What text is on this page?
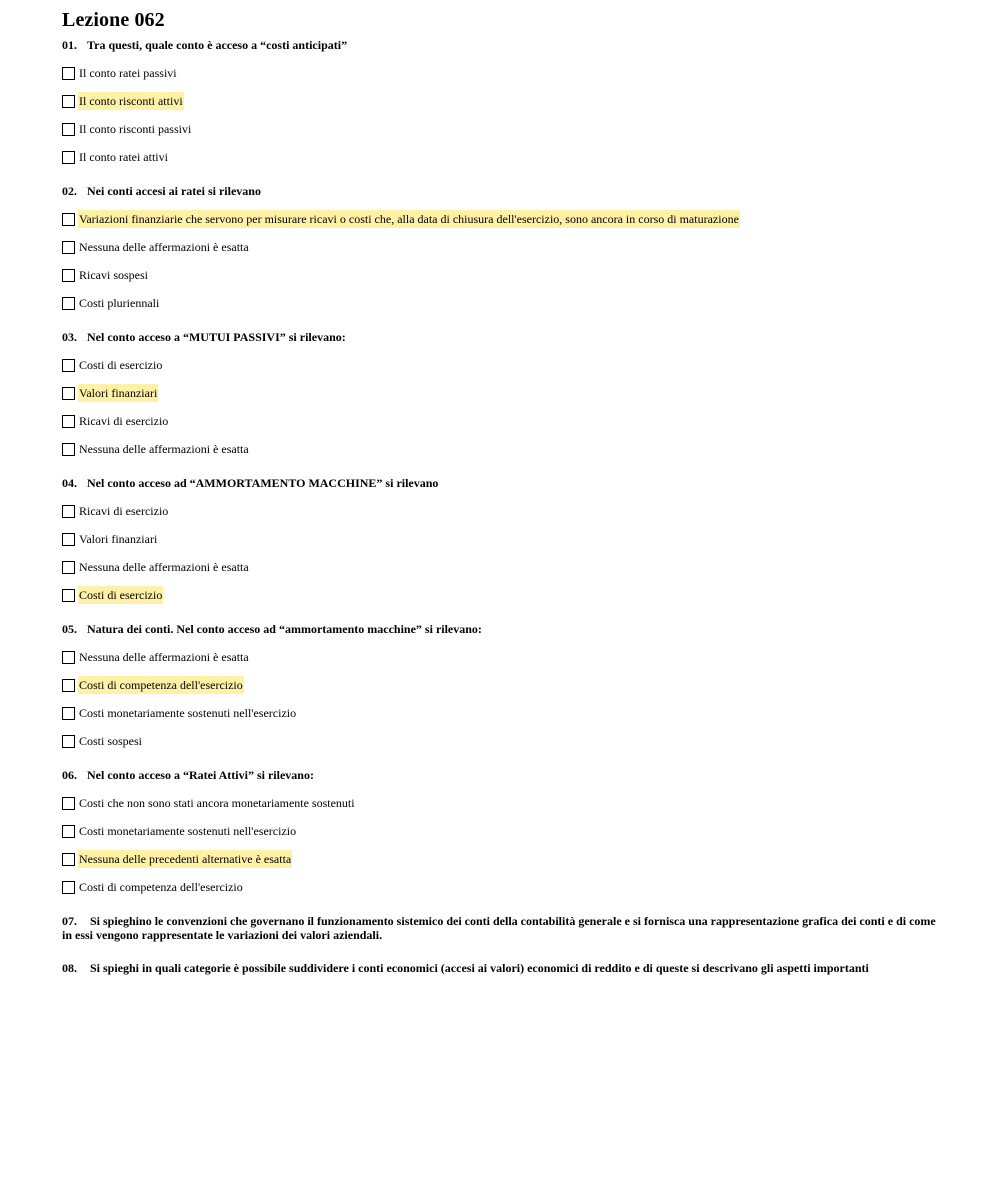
Lezione 062
01. Tra questi, quale conto è acceso a “costi anticipati”
Il conto ratei passivi
Il conto risconti attivi
Il conto risconti passivi
Il conto ratei attivi
02. Nei conti accesi ai ratei si rilevano
Variazioni finanziarie che servono per misurare ricavi o costi che, alla data di chiusura dell'esercizio, sono ancora in corso di maturazione
Nessuna delle affermazioni è esatta
Ricavi sospesi
Costi pluriennali
03. Nel conto acceso a “MUTUI PASSIVI” si rilevano:
Costi di esercizio
Valori finanziari
Ricavi di esercizio
Nessuna delle affermazioni è esatta
04. Nel conto acceso ad “AMMORTAMENTO MACCHINE” si rilevano
Ricavi di esercizio
Valori finanziari
Nessuna delle affermazioni è esatta
Costi di esercizio
05. Natura dei conti. Nel conto acceso ad “ammortamento macchine” si rilevano:
Nessuna delle affermazioni è esatta
Costi di competenza dell'esercizio
Costi monetariamente sostenuti nell'esercizio
Costi sospesi
06. Nel conto acceso a “Ratei Attivi” si rilevano:
Costi che non sono stati ancora monetariamente sostenuti
Costi monetariamente sostenuti nell'esercizio
Nessuna delle precedenti alternative è esatta
Costi di competenza dell'esercizio
07. Si spieghino le convenzioni che governano il funzionamento sistemico dei conti della contabilità generale e si fornisca una rappresentazione grafica dei conti e di come in essi vengono rappresentate le variazioni dei valori aziendali.
08. Si spieghi in quali categorie è possibile suddividere i conti economici (accesi ai valori) economici di reddito e di queste si descrivano gli aspetti importanti
